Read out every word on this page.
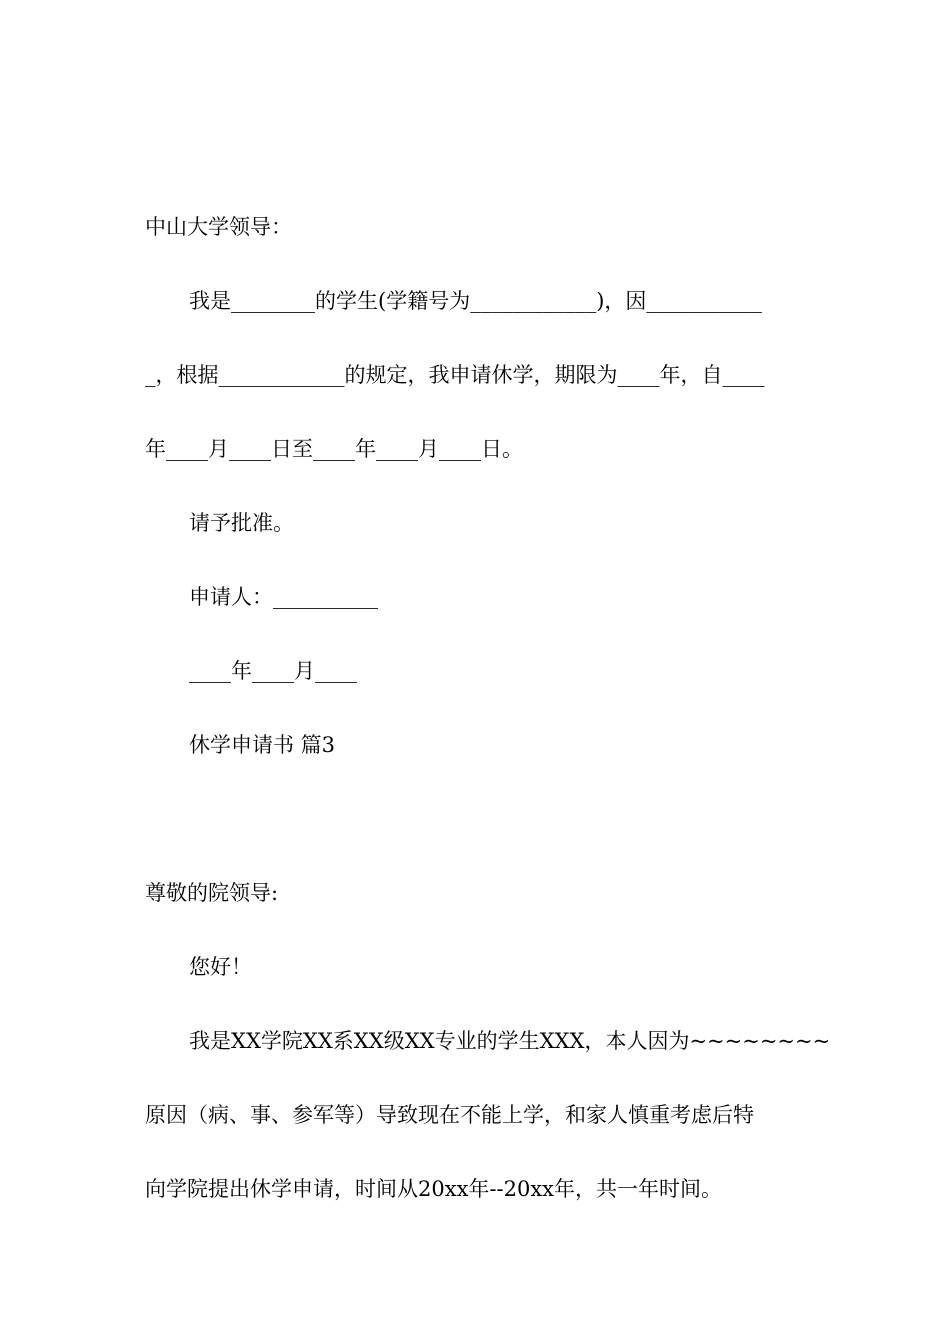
中山大学领导：
我是________的学生(学籍号为____________)，因___________
_，根据____________的规定，我申请休学，期限为____年，自____
年____月____日至____年____月____日。
请予批准。
申请人：__________
____年____月____
休学申请书 篇3
尊敬的院领导:
您好！
我是XX学院XX系XX级XX专业的学生XXX，本人因为~~~~~~~~
原因（病、事、参军等）导致现在不能上学，和家人慎重考虑后特
向学院提出休学申请，时间从20xx年--20xx年，共一年时间。
